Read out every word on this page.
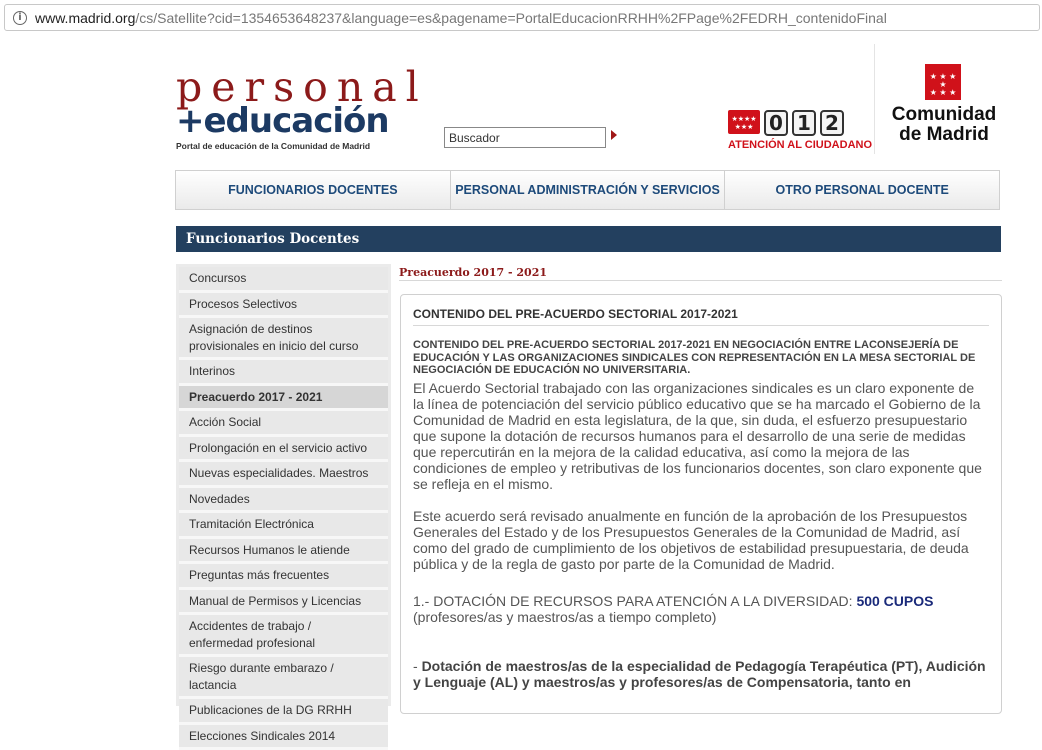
i www.madrid.org/cs/Satellite?cid=1354653648237&language=es&pagename=PortalEducacionRRHH%2FPage%2FEDRH_contenidoFinal
personal
+educación
Portal de educación de la Comunidad de Madrid
Buscador
★★★★
★★★ 0 1 2
ATENCIÓN AL CIUDADANO
★ ★ ★ ★
★ ★ ★
Comunidad
de Madrid
FUNCIONARIOS DOCENTES	PERSONAL ADMINISTRACIÓN Y SERVICIOS	OTRO PERSONAL DOCENTE
Funcionarios Docentes
Concursos
Procesos Selectivos
Asignación de destinos provisionales en inicio del curso
Interinos
Preacuerdo 2017 - 2021
Acción Social
Prolongación en el servicio activo
Nuevas especialidades. Maestros
Novedades
Tramitación Electrónica
Recursos Humanos le atiende
Preguntas más frecuentes
Manual de Permisos y Licencias
Accidentes de trabajo / enfermedad profesional
Riesgo durante embarazo / lactancia
Publicaciones de la DG RRHH
Elecciones Sindicales 2014
Preacuerdo 2017 - 2021
CONTENIDO DEL PRE-ACUERDO SECTORIAL 2017-2021
CONTENIDO DEL PRE-ACUERDO SECTORIAL 2017-2021 EN NEGOCIACIÓN ENTRE LACONSEJERÍA DE EDUCACIÓN Y LAS ORGANIZACIONES SINDICALES CON REPRESENTACIÓN EN LA MESA SECTORIAL DE NEGOCIACIÓN DE EDUCACIÓN NO UNIVERSITARIA.
El Acuerdo Sectorial trabajado con las organizaciones sindicales es un claro exponente de la línea de potenciación del servicio público educativo que se ha marcado el Gobierno de la Comunidad de Madrid en esta legislatura, de la que, sin duda, el esfuerzo presupuestario que supone la dotación de recursos humanos para el desarrollo de una serie de medidas que repercutirán en la mejora de la calidad educativa, así como la mejora de las condiciones de empleo y retributivas de los funcionarios docentes, son claro exponente que se refleja en el mismo.
Este acuerdo será revisado anualmente en función de la aprobación de los Presupuestos Generales del Estado y de los Presupuestos Generales de la Comunidad de Madrid, así como del grado de cumplimiento de los objetivos de estabilidad presupuestaria, de deuda pública y de la regla de gasto por parte de la Comunidad de Madrid.
1.- DOTACIÓN DE RECURSOS PARA ATENCIÓN A LA DIVERSIDAD: 500 CUPOS
(profesores/as y maestros/as a tiempo completo)
- Dotación de maestros/as de la especialidad de Pedagogía Terapéutica (PT), Audición y Lenguaje (AL) y maestros/as y profesores/as de Compensatoria, tanto en
